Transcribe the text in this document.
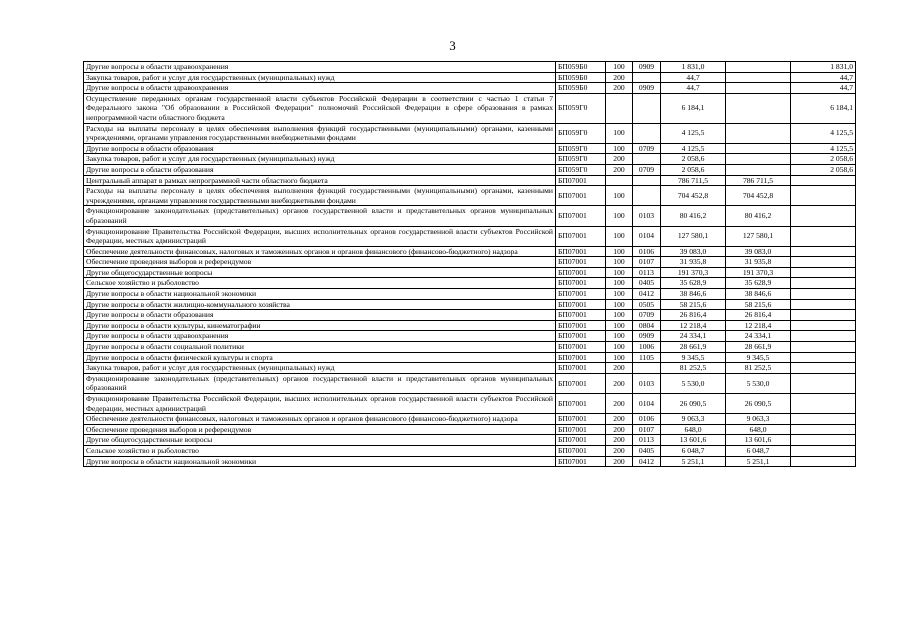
3
Другие вопросы в области здравоохранения	БП059Б0	100	0909	1 831,0		1 831,0
Закупка товаров, работ и услуг для государственных (муниципальных) нужд	БП059Б0	200		44,7		44,7
Другие вопросы в области здравоохранения	БП059Б0	200	0909	44,7		44,7
Осуществление переданных органам государственной власти субъектов Российской Федерации в соответствии с частью 1 статьи 7 Федерального закона "Об образовании в Российской Федерации" полномочий Российской Федерации в сфере образования в рамках непрограммной части областного бюджета	БП059Г0			6 184,1		6 184,1
Расходы на выплаты персоналу в целях обеспечения выполнения функций государственными (муниципальными) органами, казенными учреждениями, органами управления государственными внебюджетными фондами	БП059Г0	100		4 125,5		4 125,5
Другие вопросы в области образования	БП059Г0	100	0709	4 125,5		4 125,5
Закупка товаров, работ и услуг для государственных (муниципальных) нужд	БП059Г0	200		2 058,6		2 058,6
Другие вопросы в области образования	БП059Г0	200	0709	2 058,6		2 058,6
Центральный аппарат в рамках непрограммной части областного бюджета	БП07001			786 711,5	786 711,5	
Расходы на выплаты персоналу в целях обеспечения выполнения функций государственными (муниципальными) органами, казенными учреждениями, органами управления государственными внебюджетными фондами	БП07001	100		704 452,8	704 452,8	
Функционирование законодательных (представительных) органов государственной власти и представительных органов муниципальных образований	БП07001	100	0103	80 416,2	80 416,2	
Функционирование Правительства Российской Федерации, высших исполнительных органов государственной власти субъектов Российской Федерации, местных администраций	БП07001	100	0104	127 580,1	127 580,1	
Обеспечение деятельности финансовых, налоговых и таможенных органов и органов финансового (финансово-бюджетного) надзора	БП07001	100	0106	39 083,0	39 083,0	
Обеспечение проведения выборов и референдумов	БП07001	100	0107	31 935,8	31 935,8	
Другие общегосударственные вопросы	БП07001	100	0113	191 370,3	191 370,3	
Сельское хозяйство и рыболовство	БП07001	100	0405	35 628,9	35 628,9	
Другие вопросы в области национальной экономики	БП07001	100	0412	38 846,6	38 846,6	
Другие вопросы в области жилищно-коммунального хозяйства	БП07001	100	0505	58 215,6	58 215,6	
Другие вопросы в области образования	БП07001	100	0709	26 816,4	26 816,4	
Другие вопросы в области культуры, кинематографии	БП07001	100	0804	12 218,4	12 218,4	
Другие вопросы в области здравоохранения	БП07001	100	0909	24 334,1	24 334,1	
Другие вопросы в области социальной политики	БП07001	100	1006	28 661,9	28 661,9	
Другие вопросы в области физической культуры и спорта	БП07001	100	1105	9 345,5	9 345,5	
Закупка товаров, работ и услуг для государственных (муниципальных) нужд	БП07001	200		81 252,5	81 252,5	
Функционирование законодательных (представительных) органов государственной власти и представительных органов муниципальных образований	БП07001	200	0103	5 530,0	5 530,0	
Функционирование Правительства Российской Федерации, высших исполнительных органов государственной власти субъектов Российской Федерации, местных администраций	БП07001	200	0104	26 090,5	26 090,5	
Обеспечение деятельности финансовых, налоговых и таможенных органов и органов финансового (финансово-бюджетного) надзора	БП07001	200	0106	9 063,3	9 063,3	
Обеспечение проведения выборов и референдумов	БП07001	200	0107	648,0	648,0	
Другие общегосударственные вопросы	БП07001	200	0113	13 601,6	13 601,6	
Сельское хозяйство и рыболовство	БП07001	200	0405	6 048,7	6 048,7	
Другие вопросы в области национальной экономики	БП07001	200	0412	5 251,1	5 251,1	
